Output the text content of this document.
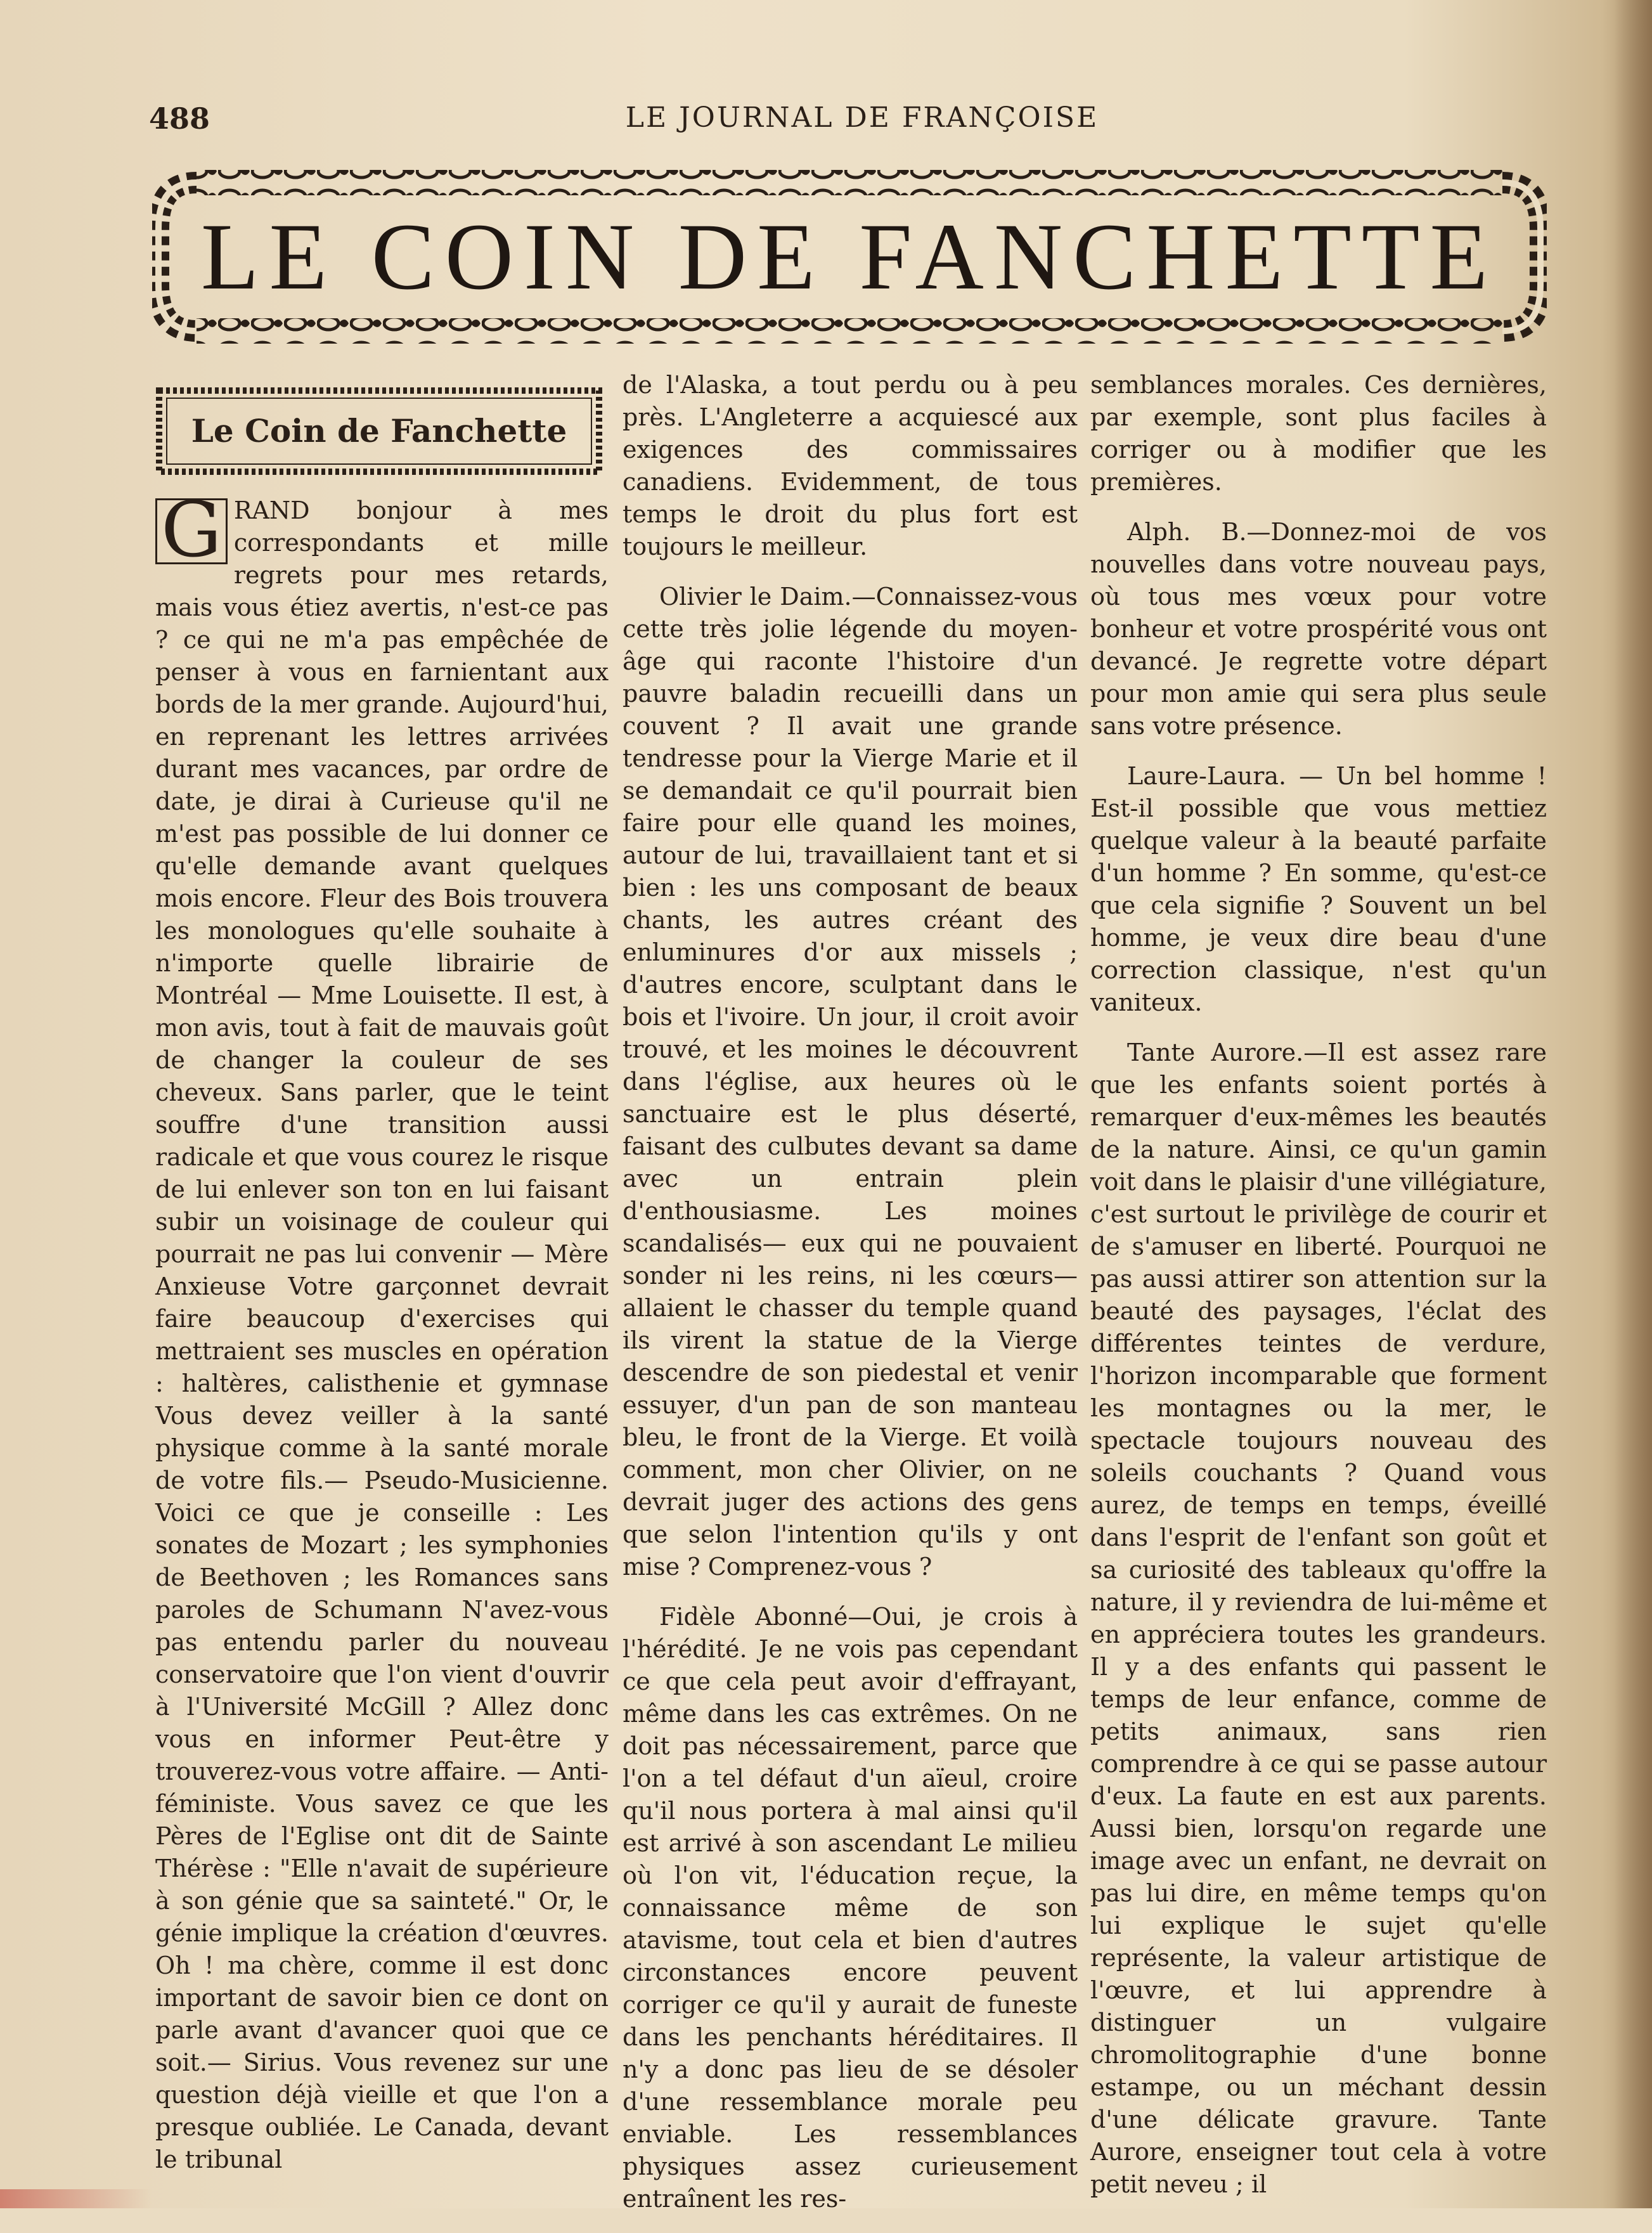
488	LE JOURNAL DE FRANÇOISE
LE COIN DE FANCHETTE
Le Coin de Fanchette

G RAND bonjour à mes correspondants et mille regrets pour mes retards, mais vous étiez avertis, n'est-ce pas ? ce qui ne m'a pas empêchée de penser à vous en farnientant aux bords de la mer grande. Aujourd'hui, en reprenant les lettres arrivées durant mes vacances, par ordre de date, je dirai à Curieuse qu'il ne m'est pas possible de lui donner ce qu'elle demande avant quelques mois encore. Fleur des Bois trouvera les monologues qu'elle souhaite à n'importe quelle librairie de Montréal — Mme Louisette. Il est, à mon avis, tout à fait de mauvais goût de changer la couleur de ses cheveux. Sans parler, que le teint souffre d'une transition aussi radicale et que vous courez le risque de lui enlever son ton en lui faisant subir un voisinage de couleur qui pourrait ne pas lui convenir — Mère Anxieuse Votre garçonnet devrait faire beaucoup d'exercises qui mettraient ses muscles en opération : haltères, calisthenie et gymnase Vous devez veiller à la santé physique comme à la santé morale de votre fils.— Pseudo-Musicienne. Voici ce que je conseille : Les sonates de Mozart ; les symphonies de Beethoven ; les Romances sans paroles de Schumann N'avez-vous pas entendu parler du nouveau conservatoire que l'on vient d'ouvrir à l'Université McGill ? Allez donc vous en informer Peut-être y trouverez-vous votre affaire. — Anti-féministe. Vous savez ce que les Pères de l'Eglise ont dit de Sainte Thérèse : "Elle n'avait de supérieure à son génie que sa sainteté." Or, le génie implique la création d'œuvres. Oh ! ma chère, comme il est donc important de savoir bien ce dont on parle avant d'avancer quoi que ce soit.— Sirius. Vous revenez sur une question déjà vieille et que l'on a presque oubliée. Le Canada, devant le tribunal

de l'Alaska, a tout perdu ou à peu près. L'Angleterre a acquiescé aux exigences des commissaires canadiens. Evidemment, de tous temps le droit du plus fort est toujours le meilleur.

Olivier le Daim.—Connaissez-vous cette très jolie légende du moyen-âge qui raconte l'histoire d'un pauvre baladin recueilli dans un couvent ? Il avait une grande tendresse pour la Vierge Marie et il se demandait ce qu'il pourrait bien faire pour elle quand les moines, autour de lui, travaillaient tant et si bien : les uns composant de beaux chants, les autres créant des enluminures d'or aux missels ; d'autres encore, sculptant dans le bois et l'ivoire. Un jour, il croit avoir trouvé, et les moines le découvrent dans l'église, aux heures où le sanctuaire est le plus déserté, faisant des culbutes devant sa dame avec un entrain plein d'enthousiasme. Les moines scandalisés— eux qui ne pouvaient sonder ni les reins, ni les cœurs—allaient le chasser du temple quand ils virent la statue de la Vierge descendre de son piedestal et venir essuyer, d'un pan de son manteau bleu, le front de la Vierge. Et voilà comment, mon cher Olivier, on ne devrait juger des actions des gens que selon l'intention qu'ils y ont mise ? Comprenez-vous ?

Fidèle Abonné—Oui, je crois à l'hérédité. Je ne vois pas cependant ce que cela peut avoir d'effrayant, même dans les cas extrêmes. On ne doit pas nécessairement, parce que l'on a tel défaut d'un aïeul, croire qu'il nous portera à mal ainsi qu'il est arrivé à son ascendant Le milieu où l'on vit, l'éducation reçue, la connaissance même de son atavisme, tout cela et bien d'autres circonstances encore peuvent corriger ce qu'il y aurait de funeste dans les penchants héréditaires. Il n'y a donc pas lieu de se désoler d'une ressemblance morale peu enviable. Les ressemblances physiques assez curieusement entraînent les res-

semblances morales. Ces dernières, par exemple, sont plus faciles à corriger ou à modifier que les premières.

Alph. B.—Donnez-moi de vos nouvelles dans votre nouveau pays, où tous mes vœux pour votre bonheur et votre prospérité vous ont devancé. Je regrette votre départ pour mon amie qui sera plus seule sans votre présence.

Laure-Laura. — Un bel homme ! Est-il possible que vous mettiez quelque valeur à la beauté parfaite d'un homme ? En somme, qu'est-ce que cela signifie ? Souvent un bel homme, je veux dire beau d'une correction classique, n'est qu'un vaniteux.

Tante Aurore.—Il est assez rare que les enfants soient portés à remarquer d'eux-mêmes les beautés de la nature. Ainsi, ce qu'un gamin voit dans le plaisir d'une villégiature, c'est surtout le privilège de courir et de s'amuser en liberté. Pourquoi ne pas aussi attirer son attention sur la beauté des paysages, l'éclat des différentes teintes de verdure, l'horizon incomparable que forment les montagnes ou la mer, le spectacle toujours nouveau des soleils couchants ? Quand vous aurez, de temps en temps, éveillé dans l'esprit de l'enfant son goût et sa curiosité des tableaux qu'offre la nature, il y reviendra de lui-même et en appréciera toutes les grandeurs. Il y a des enfants qui passent le temps de leur enfance, comme de petits animaux, sans rien comprendre à ce qui se passe autour d'eux. La faute en est aux parents. Aussi bien, lorsqu'on regarde une image avec un enfant, ne devrait on pas lui dire, en même temps qu'on lui explique le sujet qu'elle représente, la valeur artistique de l'œuvre, et lui apprendre à distinguer un vulgaire chromolitographie d'une bonne estampe, ou un méchant dessin d'une délicate gravure. Tante Aurore, enseigner tout cela à votre petit neveu ; il
